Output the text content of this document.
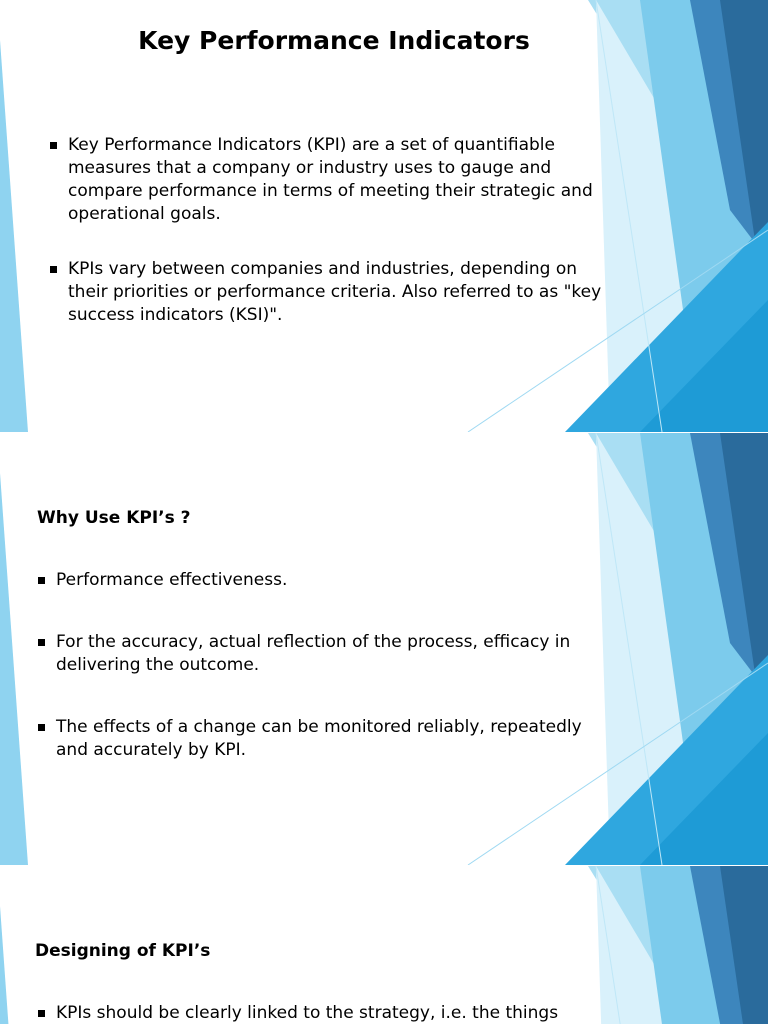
Key Performance Indicators
Key Performance Indicators (KPI) are a set of quantifiable measures that a company or industry uses to gauge and compare performance in terms of meeting their strategic and operational goals.
KPIs vary between companies and industries, depending on their priorities or performance criteria. Also referred to as "key success indicators (KSI)".
Why Use KPI’s ?
Performance effectiveness.
For the accuracy, actual reflection of the process, efficacy in delivering the outcome.
The effects of a change can be monitored reliably, repeatedly and accurately by KPI.
Designing of KPI’s
KPIs should be clearly linked to the strategy, i.e. the things
